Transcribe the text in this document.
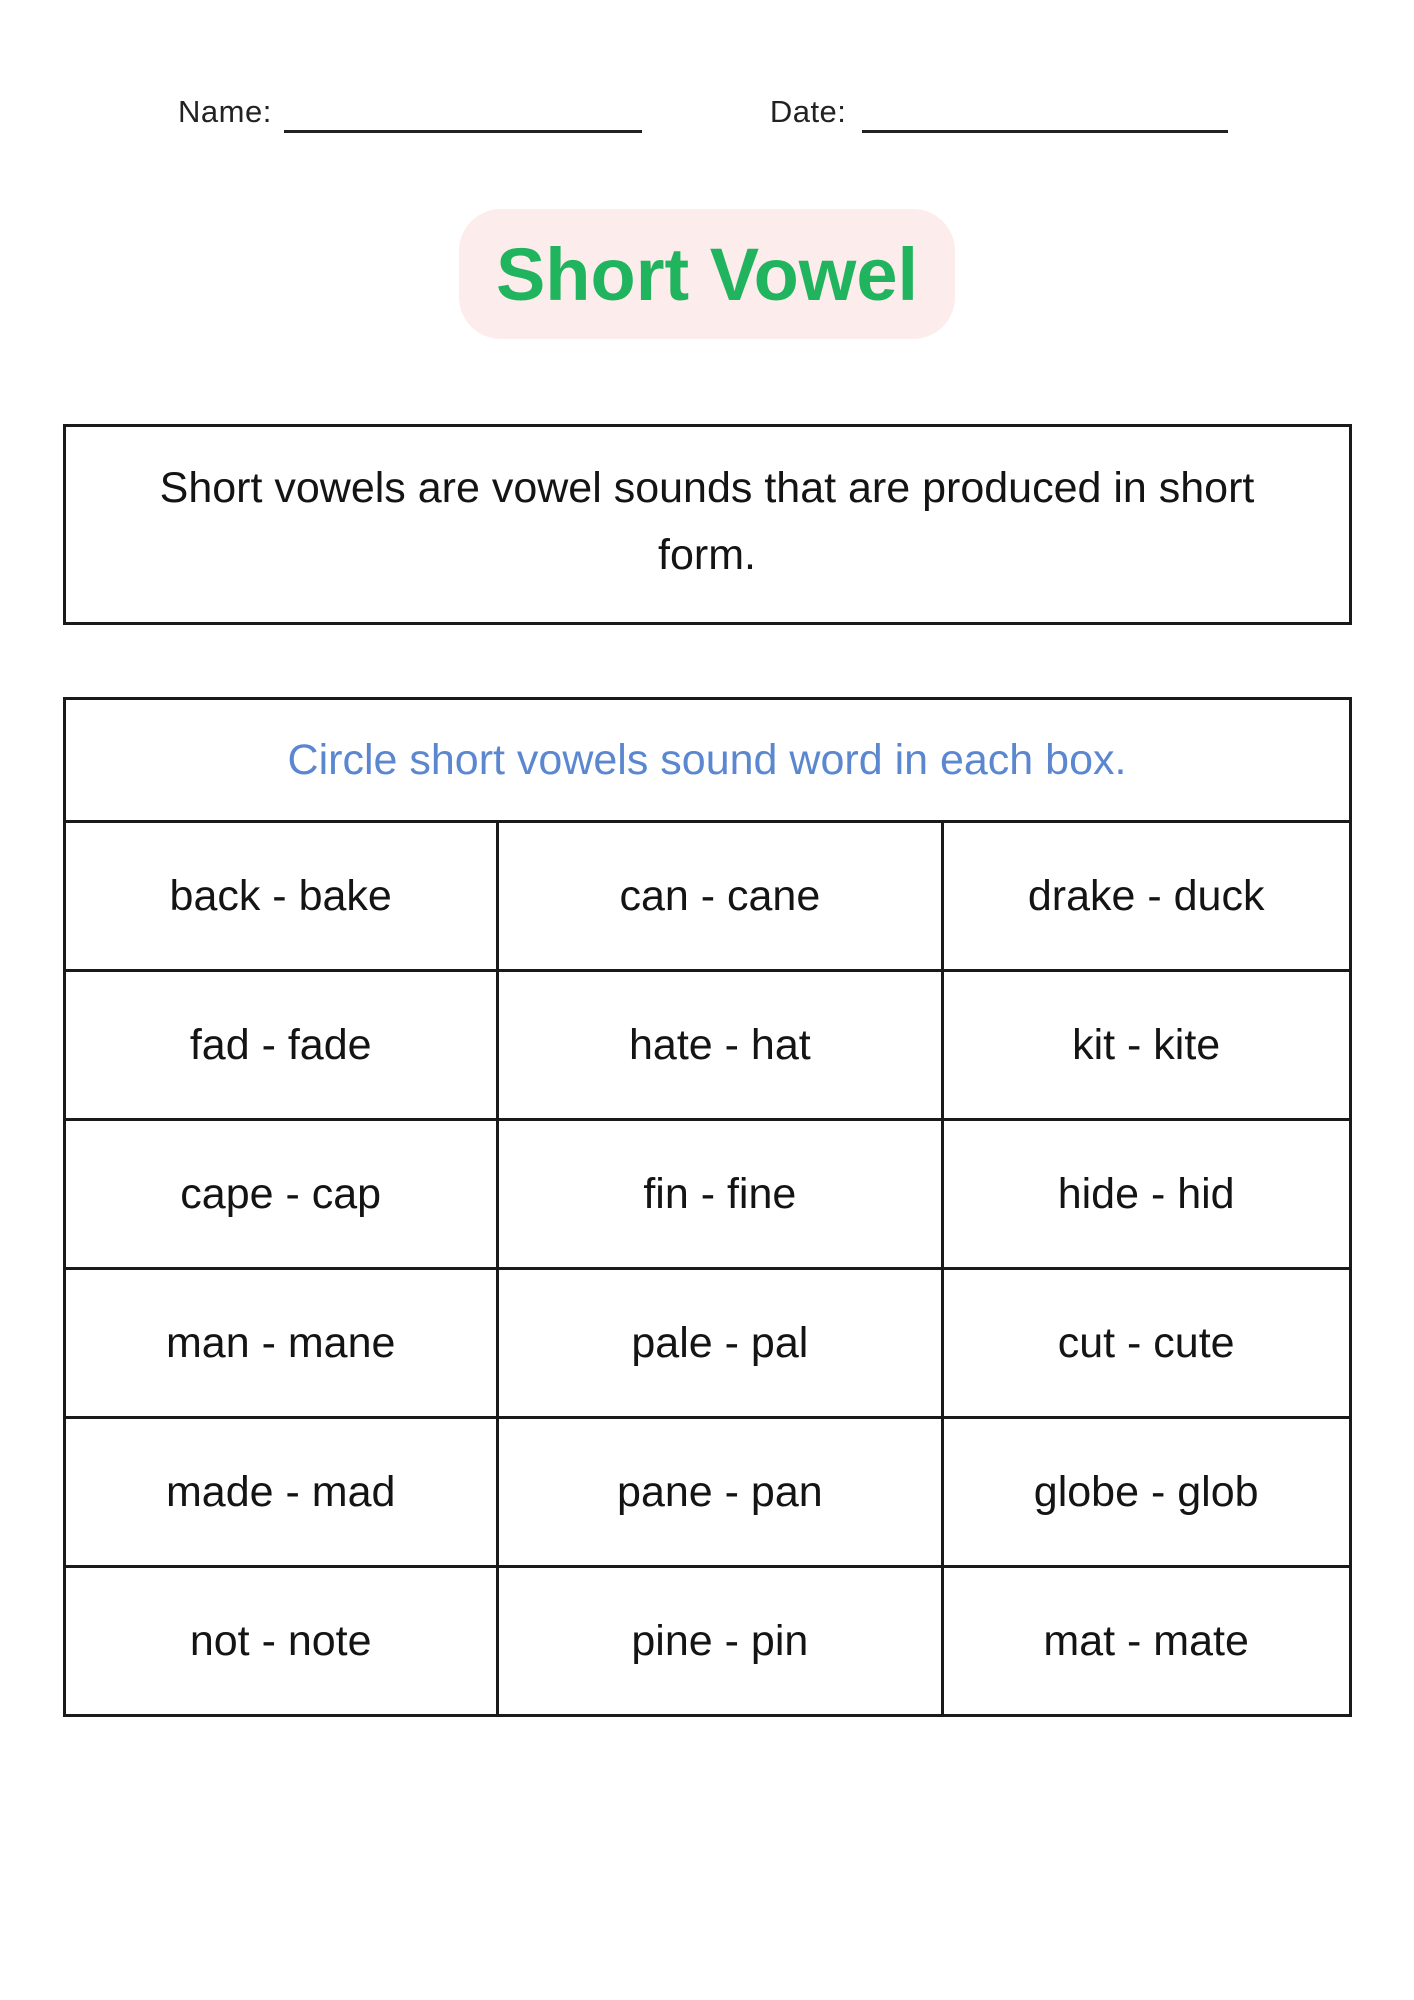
Name:	Date:
Short Vowel
Short vowels are vowel sounds that are produced in short form.
Circle short vowels sound word in each box.		
back - bake	can - cane	drake - duck
fad - fade	hate - hat	kit - kite
cape - cap	fin - fine	hide - hid
man - mane	pale - pal	cut - cute
made - mad	pane - pan	globe - glob
not - note	pine - pin	mat - mate
